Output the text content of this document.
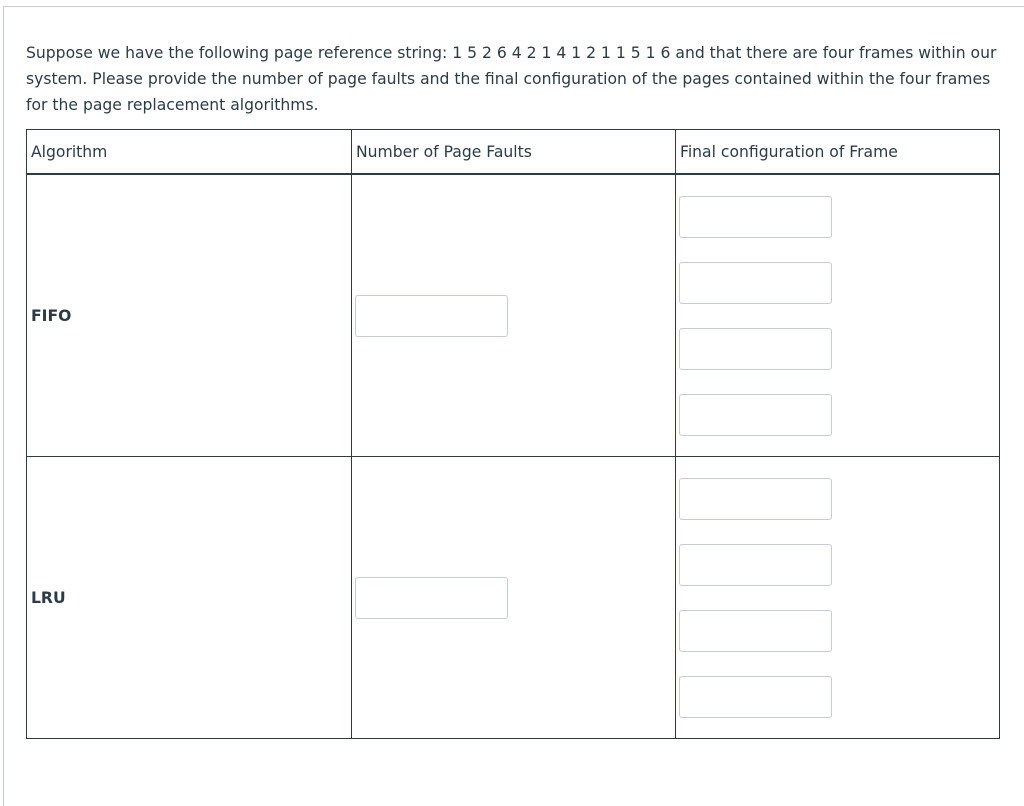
Suppose we have the following page reference string: 1 5 2 6 4 2 1 4 1 2 1 1 5 1 6 and that there are four frames within our system. Please provide the number of page faults and the final configuration of the pages contained within the four frames for the page replacement algorithms.

Algorithm	Number of Page Faults	Final configuration of Frame
FIFO	

LRU	
